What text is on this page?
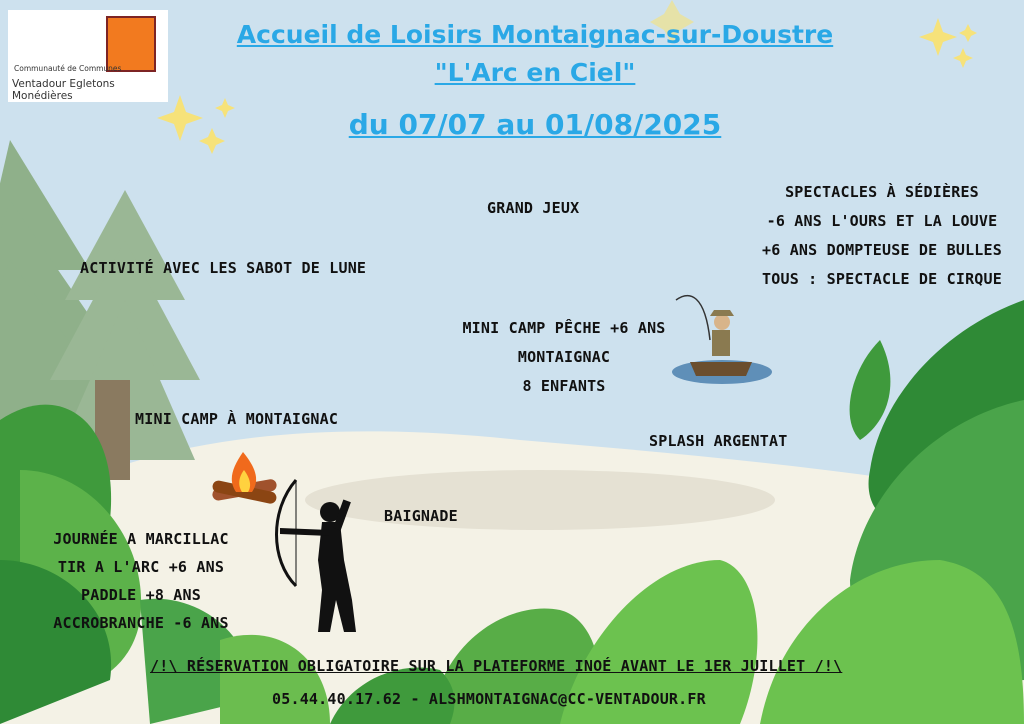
Communauté de Communes
Ventadour Egletons Monédières
Accueil de Loisirs Montaignac-sur-Doustre
"L'Arc en Ciel"
du 07/07 au 01/08/2025
ACTIVITÉ AVEC LES SABOT DE LUNE
GRAND JEUX
SPECTACLES À SÉDIÈRES
-6 ANS L'OURS ET LA LOUVE
+6 ANS DOMPTEUSE DE BULLES
TOUS : SPECTACLE DE CIRQUE
MINI CAMP PÊCHE +6 ANS
MONTAIGNAC
8 ENFANTS
MINI CAMP À MONTAIGNAC
SPLASH ARGENTAT
BAIGNADE
JOURNÉE A MARCILLAC
TIR A L'ARC +6 ANS
PADDLE +8 ANS
ACCROBRANCHE -6 ANS
/!\ RÉSERVATION OBLIGATOIRE SUR LA PLATEFORME INOÉ AVANT LE 1ER JUILLET /!\
05.44.40.17.62 - ALSHMONTAIGNAC@CC-VENTADOUR.FR
